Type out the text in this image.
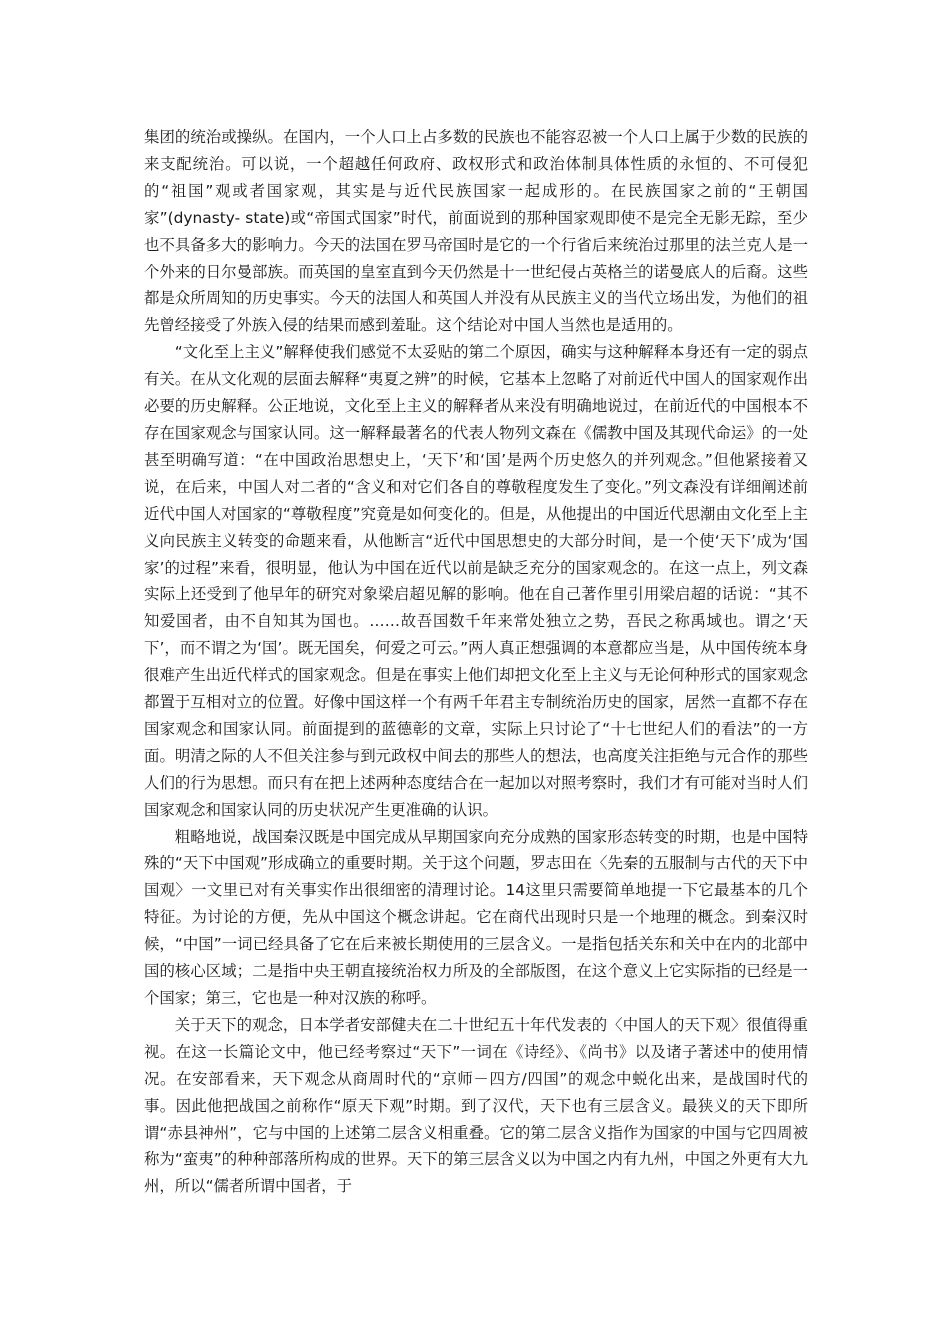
集团的统治或操纵。在国内，一个人口上占多数的民族也不能容忍被一个人口上属于少数的民族的来支配统治。可以说，一个超越任何政府、政权形式和政治体制具体性质的永恒的、不可侵犯的“祖国”观或者国家观，其实是与近代民族国家一起成形的。在民族国家之前的“王朝国家”(dynasty- state)或“帝国式国家”时代，前面说到的那种国家观即使不是完全无影无踪，至少也不具备多大的影响力。今天的法国在罗马帝国时是它的一个行省后来统治过那里的法兰克人是一个外来的日尔曼部族。而英国的皇室直到今天仍然是十一世纪侵占英格兰的诺曼底人的后裔。这些都是众所周知的历史事实。今天的法国人和英国人并没有从民族主义的当代立场出发，为他们的祖先曾经接受了外族入侵的结果而感到羞耻。这个结论对中国人当然也是适用的。

“文化至上主义”解释使我们感觉不太妥贴的第二个原因，确实与这种解释本身还有一定的弱点有关。在从文化观的层面去解释“夷夏之辨”的时候，它基本上忽略了对前近代中国人的国家观作出必要的历史解释。公正地说，文化至上主义的解释者从来没有明确地说过，在前近代的中国根本不存在国家观念与国家认同。这一解释最著名的代表人物列文森在《儒教中国及其现代命运》的一处甚至明确写道：“在中国政治思想史上，‘天下’和‘国’是两个历史悠久的并列观念。”但他紧接着又说，在后来，中国人对二者的“含义和对它们各自的尊敬程度发生了变化。”列文森没有详细阐述前近代中国人对国家的“尊敬程度”究竟是如何变化的。但是，从他提出的中国近代思潮由文化至上主义向民族主义转变的命题来看，从他断言“近代中国思想史的大部分时间，是一个使‘天下’成为‘国家’的过程”来看，很明显，他认为中国在近代以前是缺乏充分的国家观念的。在这一点上，列文森实际上还受到了他早年的研究对象梁启超见解的影响。他在自己著作里引用梁启超的话说：“其不知爱国者，由不自知其为国也。……故吾国数千年来常处独立之势，吾民之称禹域也。谓之‘天下’，而不谓之为‘国’。既无国矣，何爱之可云。”两人真正想强调的本意都应当是，从中国传统本身很难产生出近代样式的国家观念。但是在事实上他们却把文化至上主义与无论何种形式的国家观念都置于互相对立的位置。好像中国这样一个有两千年君主专制统治历史的国家，居然一直都不存在国家观念和国家认同。前面提到的蓝德彰的文章，实际上只讨论了“十七世纪人们的看法”的一方面。明清之际的人不但关注参与到元政权中间去的那些人的想法，也高度关注拒绝与元合作的那些人们的行为思想。而只有在把上述两种态度结合在一起加以对照考察时，我们才有可能对当时人们国家观念和国家认同的历史状况产生更准确的认识。

粗略地说，战国秦汉既是中国完成从早期国家向充分成熟的国家形态转变的时期，也是中国特殊的“天下中国观”形成确立的重要时期。关于这个问题，罗志田在〈先秦的五服制与古代的天下中国观〉一文里已对有关事实作出很细密的清理讨论。14这里只需要简单地提一下它最基本的几个特征。为讨论的方便，先从中国这个概念讲起。它在商代出现时只是一个地理的概念。到秦汉时候，“中国”一词已经具备了它在后来被长期使用的三层含义。一是指包括关东和关中在内的北部中国的核心区域；二是指中央王朝直接统治权力所及的全部版图，在这个意义上它实际指的已经是一个国家；第三，它也是一种对汉族的称呼。

关于天下的观念，日本学者安部健夫在二十世纪五十年代发表的〈中国人的天下观〉很值得重视。在这一长篇论文中，他已经考察过“天下”一词在《诗经》、《尚书》以及诸子著述中的使用情况。在安部看来，天下观念从商周时代的“京师－四方/四国”的观念中蜕化出来，是战国时代的事。因此他把战国之前称作“原天下观”时期。到了汉代，天下也有三层含义。最狭义的天下即所谓“赤县神州”，它与中国的上述第二层含义相重叠。它的第二层含义指作为国家的中国与它四周被称为“蛮夷”的种种部落所构成的世界。天下的第三层含义以为中国之内有九州，中国之外更有大九州，所以“儒者所谓中国者，于
